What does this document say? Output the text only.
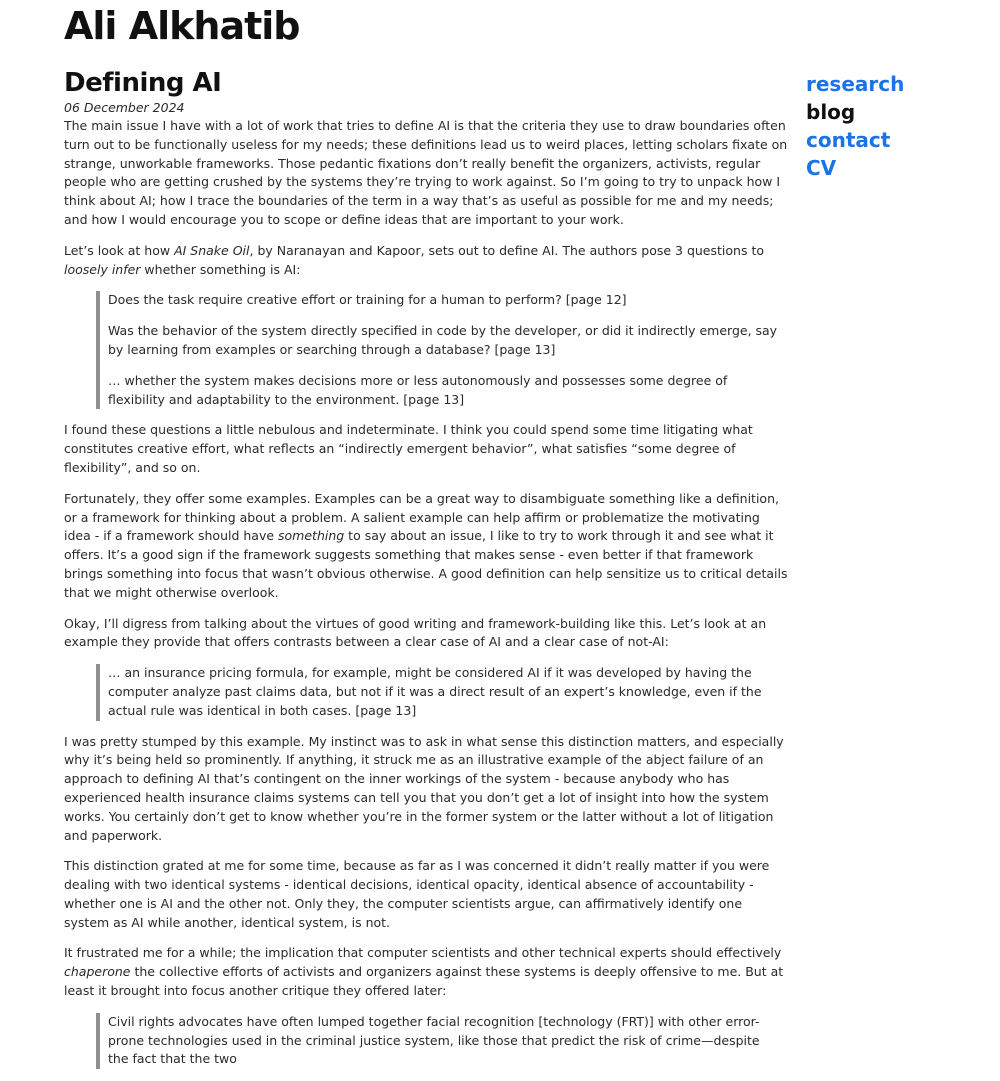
Ali Alkhatib
research
blog
contact
CV
Defining AI
06 December 2024

The main issue I have with a lot of work that tries to define AI is that the criteria they use to draw boundaries often turn out to be functionally useless for my needs; these definitions lead us to weird places, letting scholars fixate on strange, unworkable frameworks. Those pedantic fixations don’t really benefit the organizers, activists, regular people who are getting crushed by the systems they’re trying to work against. So I’m going to try to unpack how I think about AI; how I trace the boundaries of the term in a way that’s as useful as possible for me and my needs; and how I would encourage you to scope or define ideas that are important to your work.

Let’s look at how AI Snake Oil, by Naranayan and Kapoor, sets out to define AI. The authors pose 3 questions to loosely infer whether something is AI:

Does the task require creative effort or training for a human to perform? [page 12]

Was the behavior of the system directly specified in code by the developer, or did it indirectly emerge, say by learning from examples or searching through a database? [page 13]

… whether the system makes decisions more or less autonomously and possesses some degree of flexibility and adaptability to the environment. [page 13]

I found these questions a little nebulous and indeterminate. I think you could spend some time litigating what constitutes creative effort, what reflects an “indirectly emergent behavior”, what satisfies “some degree of flexibility”, and so on.

Fortunately, they offer some examples. Examples can be a great way to disambiguate something like a definition, or a framework for thinking about a problem. A salient example can help affirm or problematize the motivating idea - if a framework should have something to say about an issue, I like to try to work through it and see what it offers. It’s a good sign if the framework suggests something that makes sense - even better if that framework brings something into focus that wasn’t obvious otherwise. A good definition can help sensitize us to critical details that we might otherwise overlook.

Okay, I’ll digress from talking about the virtues of good writing and framework-building like this. Let’s look at an example they provide that offers contrasts between a clear case of AI and a clear case of not-AI:

… an insurance pricing formula, for example, might be considered AI if it was developed by having the computer analyze past claims data, but not if it was a direct result of an expert’s knowledge, even if the actual rule was identical in both cases. [page 13]

I was pretty stumped by this example. My instinct was to ask in what sense this distinction matters, and especially why it’s being held so prominently. If anything, it struck me as an illustrative example of the abject failure of an approach to defining AI that’s contingent on the inner workings of the system - because anybody who has experienced health insurance claims systems can tell you that you don’t get a lot of insight into how the system works. You certainly don’t get to know whether you’re in the former system or the latter without a lot of litigation and paperwork.

This distinction grated at me for some time, because as far as I was concerned it didn’t really matter if you were dealing with two identical systems - identical decisions, identical opacity, identical absence of accountability - whether one is AI and the other not. Only they, the computer scientists argue, can affirmatively identify one system as AI while another, identical system, is not.

It frustrated me for a while; the implication that computer scientists and other technical experts should effectively chaperone the collective efforts of activists and organizers against these systems is deeply offensive to me. But at least it brought into focus another critique they offered later:

Civil rights advocates have often lumped together facial recognition [technology (FRT)] with other error-prone technologies used in the criminal justice system, like those that predict the risk of crime—despite the fact that the two
